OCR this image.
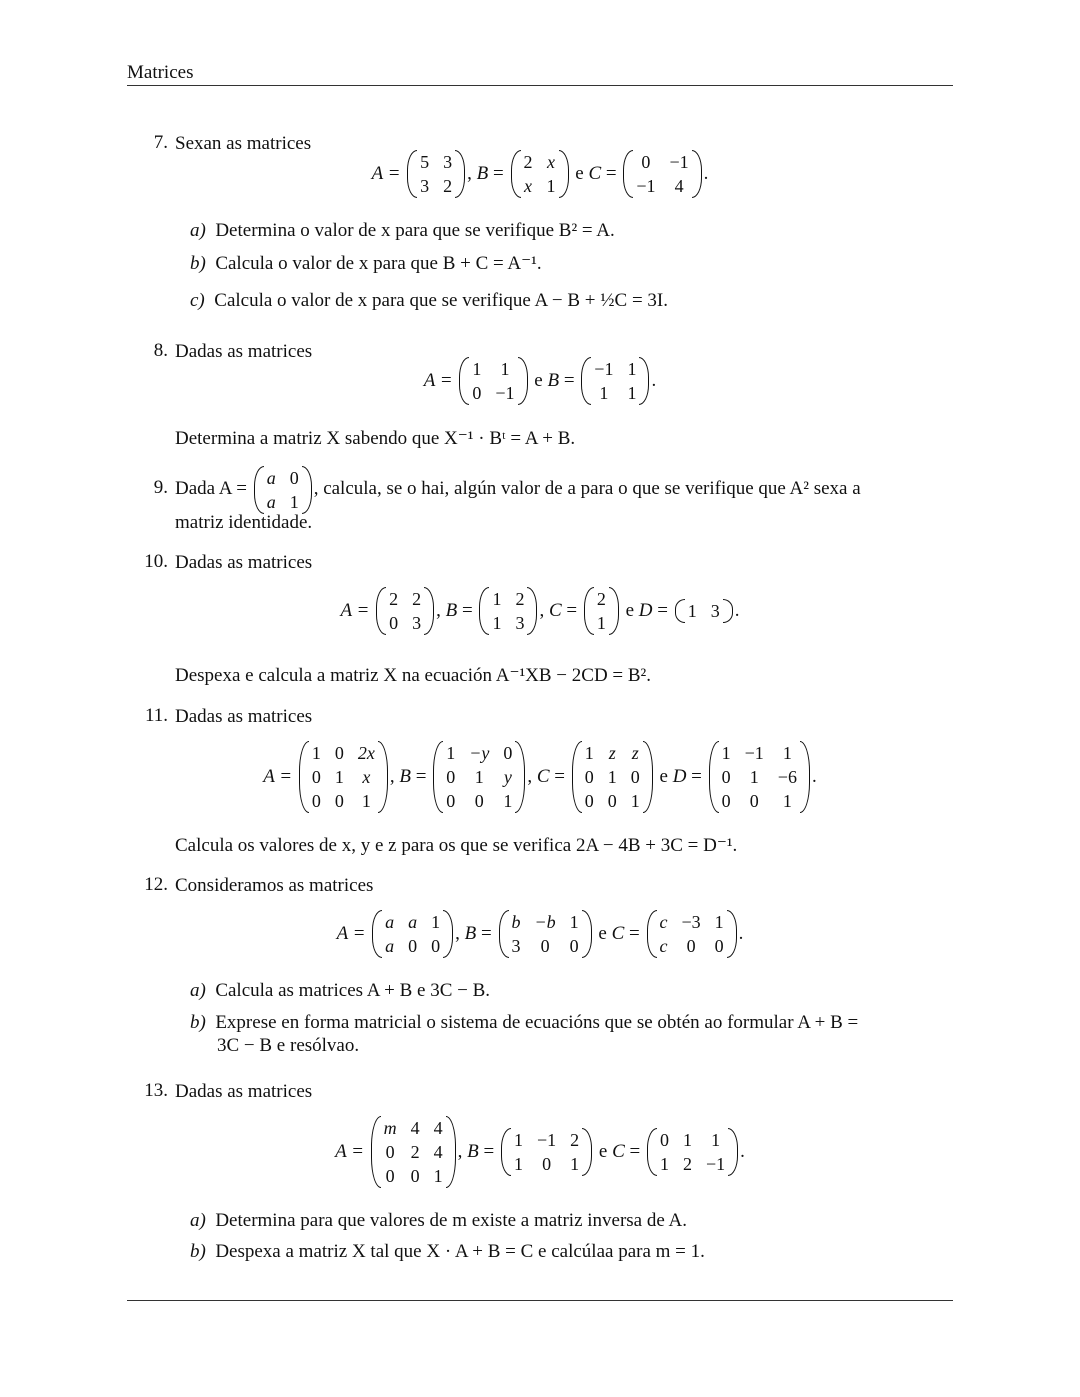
Matrices
7. Sexan as matrices
A = 5	3
3	2
, B = 2	x
x	1
e C = 0	−1
−1	4
.
a) Determina o valor de x para que se verifique B² = A.
b) Calcula o valor de x para que B + C = A⁻¹.
c) Calcula o valor de x para que se verifique A − B + ½C = 3I.
8. Dadas as matrices
A = 1	1
0	−1
e B = −1	1
1	1
.
Determina a matriz X sabendo que X⁻¹ · Bᵗ = A + B.
9. Dada A = a	0
a	1
, calcula, se o hai, algún valor de a para o que se verifique que A² sexa a
matriz identidade.
10. Dadas as matrices
A = 2	2
0	3
, B = 1	2
1	3
, C = 2
1
e D = 1	3 .
Despexa e calcula a matriz X na ecuación A⁻¹XB − 2CD = B².
11. Dadas as matrices
A = 1	0	2x
0	1	x
0	0	1
, B = 1	−y	0
0	1	y
0	0	1
, C = 1	z	z
0	1	0
0	0	1
e D = 1	−1	1
0	1	−6
0	0	1
.
Calcula os valores de x, y e z para os que se verifica 2A − 4B + 3C = D⁻¹.
12. Consideramos as matrices
A = a	a	1
a	0	0
, B = b	−b	1
3	0	0
e C = c	−3	1
c	0	0
.
a) Calcula as matrices A + B e 3C − B.
b) Exprese en forma matricial o sistema de ecuacións que se obtén ao formular A + B =
3C − B e resólvao.
13. Dadas as matrices
A = m	4	4
0	2	4
0	0	1
, B = 1	−1	2
1	0	1
e C = 0	1	1
1	2	−1
.
a) Determina para que valores de m existe a matriz inversa de A.
b) Despexa a matriz X tal que X · A + B = C e calcúlaa para m = 1.
